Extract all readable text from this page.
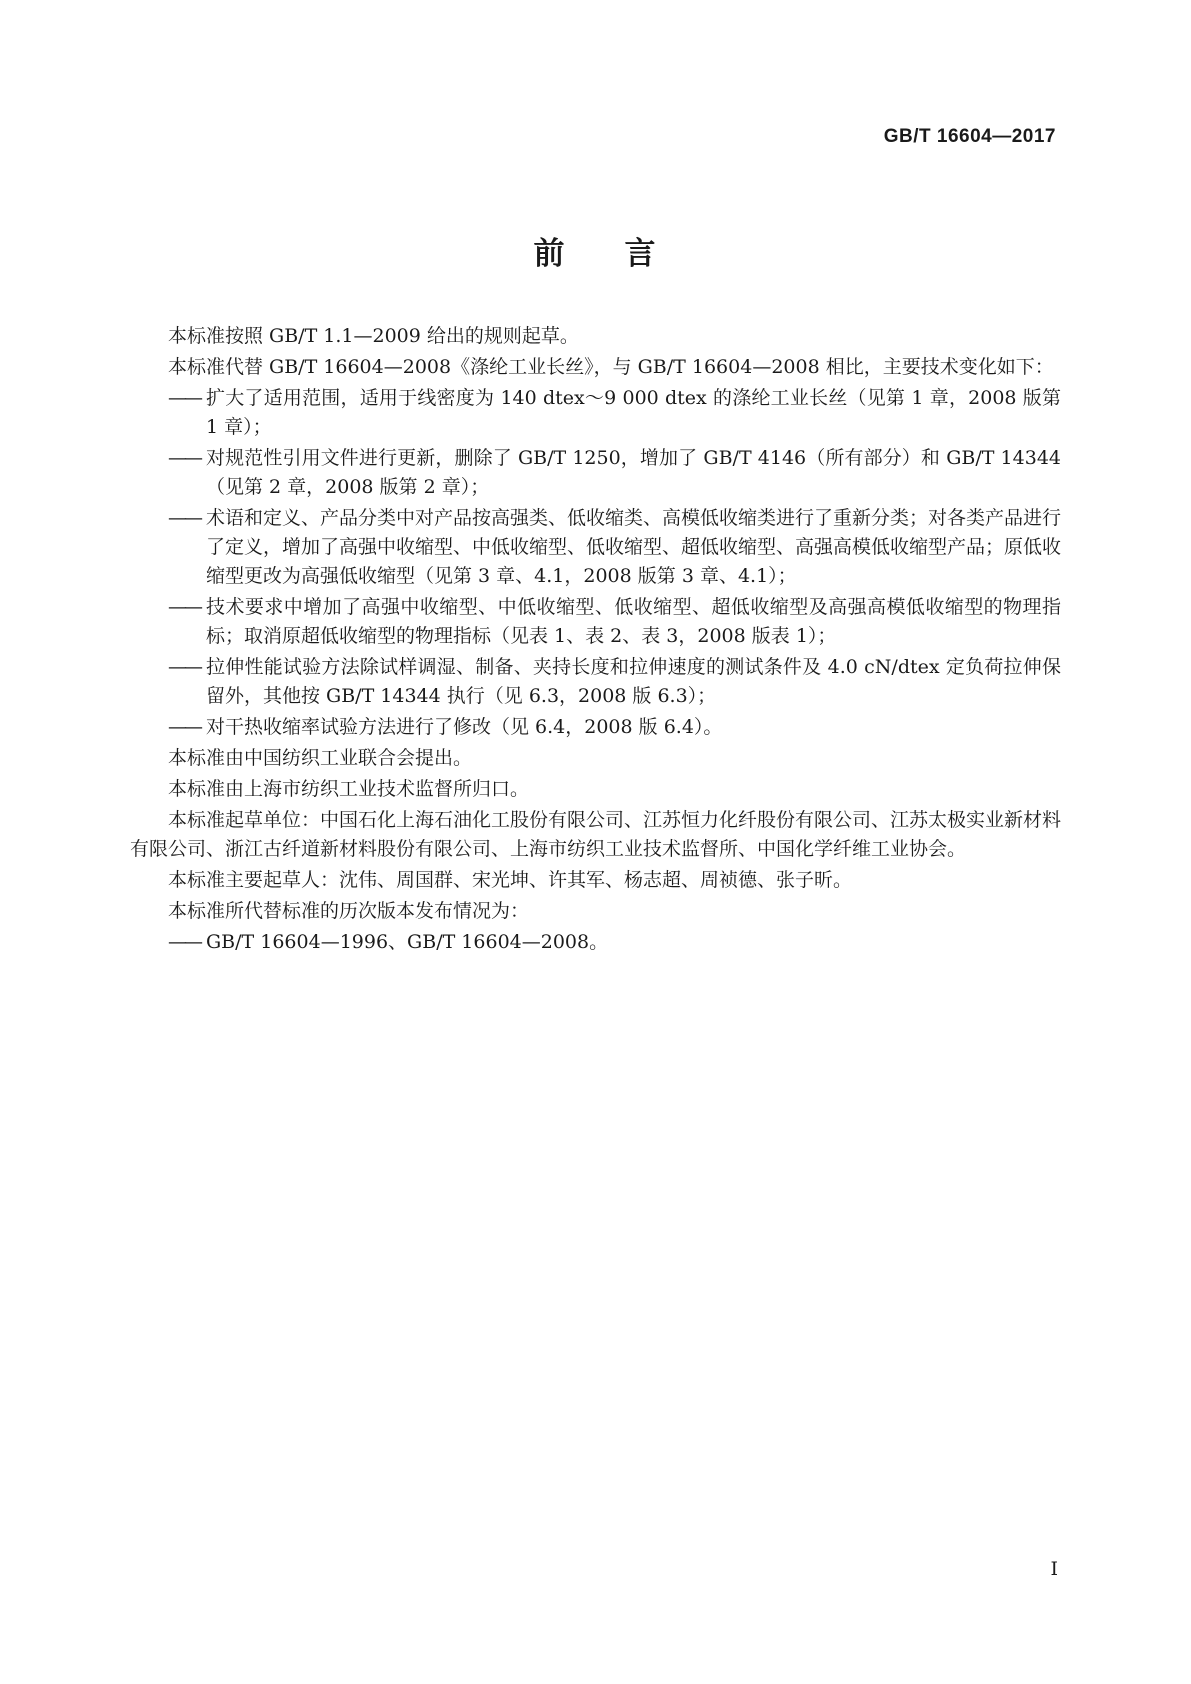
GB/T 16604—2017
前 言

本标准按照 GB/T 1.1—2009 给出的规则起草。

本标准代替 GB/T 16604—2008《涤纶工业长丝》，与 GB/T 16604—2008 相比，主要技术变化如下：

—— 扩大了适用范围，适用于线密度为 140 dtex～9 000 dtex 的涤纶工业长丝（见第 1 章，2008 版第 1 章）；
—— 对规范性引用文件进行更新，删除了 GB/T 1250，增加了 GB/T 4146（所有部分）和 GB/T 14344（见第 2 章，2008 版第 2 章）；
—— 术语和定义、产品分类中对产品按高强类、低收缩类、高模低收缩类进行了重新分类；对各类产品进行了定义，增加了高强中收缩型、中低收缩型、低收缩型、超低收缩型、高强高模低收缩型产品；原低收缩型更改为高强低收缩型（见第 3 章、4.1，2008 版第 3 章、4.1）；
—— 技术要求中增加了高强中收缩型、中低收缩型、低收缩型、超低收缩型及高强高模低收缩型的物理指标；取消原超低收缩型的物理指标（见表 1、表 2、表 3，2008 版表 1）；
—— 拉伸性能试验方法除试样调湿、制备、夹持长度和拉伸速度的测试条件及 4.0 cN/dtex 定负荷拉伸保留外，其他按 GB/T 14344 执行（见 6.3，2008 版 6.3）；
—— 对干热收缩率试验方法进行了修改（见 6.4，2008 版 6.4）。

本标准由中国纺织工业联合会提出。

本标准由上海市纺织工业技术监督所归口。

本标准起草单位：中国石化上海石油化工股份有限公司、江苏恒力化纤股份有限公司、江苏太极实业新材料有限公司、浙江古纤道新材料股份有限公司、上海市纺织工业技术监督所、中国化学纤维工业协会。

本标准主要起草人：沈伟、周国群、宋光坤、许其军、杨志超、周祯德、张子昕。

本标准所代替标准的历次版本发布情况为：

—— GB/T 16604—1996、GB/T 16604—2008。
I
